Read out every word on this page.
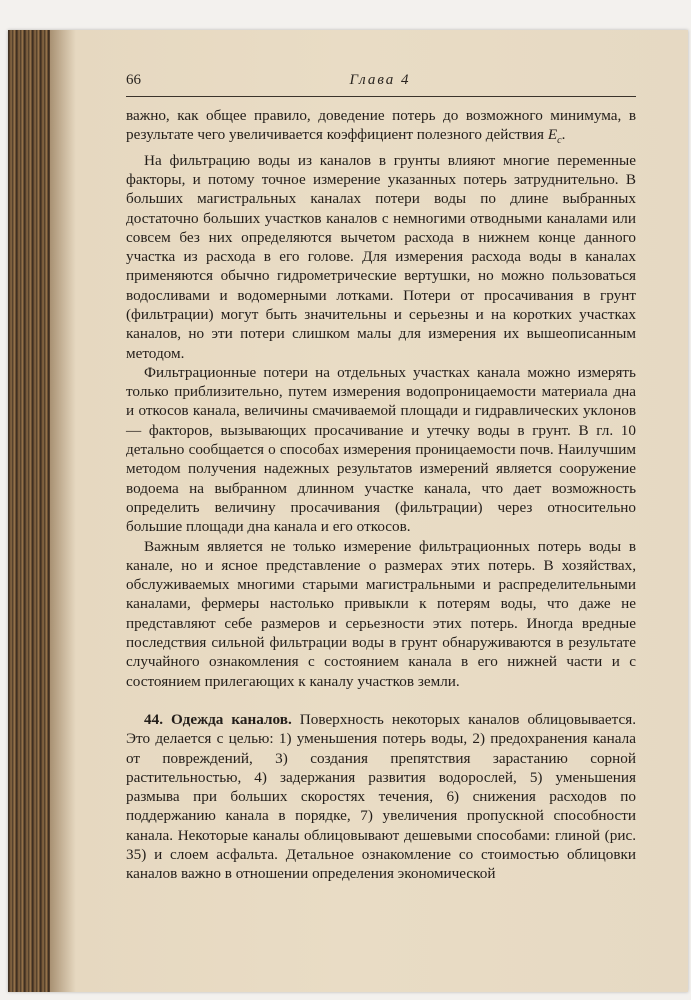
66	Глава 4

важно, как общее правило, доведение потерь до возможного минимума, в результате чего увеличивается коэффициент полезного действия $E_c$.

На фильтрацию воды из каналов в грунты влияют многие переменные факторы, и потому точное измерение указанных потерь затруднительно. В больших магистральных каналах потери воды по длине выбранных достаточно больших участков каналов с немногими отводными каналами или совсем без них определяются вычетом расхода в нижнем конце данного участка из расхода в его голове. Для измерения расхода воды в каналах применяются обычно гидрометрические вертушки, но можно пользоваться водосливами и водомерными лотками. Потери от просачивания в грунт (фильтрации) могут быть значительны и серьезны и на коротких участках каналов, но эти потери слишком малы для измерения их вышеописанным методом.

Фильтрационные потери на отдельных участках канала можно измерять только приблизительно, путем измерения водопроницаемости материала дна и откосов канала, величины смачиваемой площади и гидравлических уклонов — факторов, вызывающих просачивание и утечку воды в грунт. В гл. 10 детально сообщается о способах измерения проницаемости почв. Наилучшим методом получения надежных результатов измерений является сооружение водоема на выбранном длинном участке канала, что дает возможность определить величину просачивания (фильтрации) через относительно большие площади дна канала и его откосов.

Важным является не только измерение фильтрационных потерь воды в канале, но и ясное представление о размерах этих потерь. В хозяйствах, обслуживаемых многими старыми магистральными и распределительными каналами, фермеры настолько привыкли к потерям воды, что даже не представляют себе размеров и серьезности этих потерь. Иногда вредные последствия сильной фильтрации воды в грунт обнаруживаются в результате случайного ознакомления с состоянием канала в его нижней части и с состоянием прилегающих к каналу участков земли.

44. Одежда каналов. Поверхность некоторых каналов облицовывается. Это делается с целью: 1) уменьшения потерь воды, 2) предохранения канала от повреждений, 3) создания препятствия зарастанию сорной растительностью, 4) задержания развития водорослей, 5) уменьшения размыва при больших скоростях течения, 6) снижения расходов по поддержанию канала в порядке, 7) увеличения пропускной способности канала. Некоторые каналы облицовывают дешевыми способами: глиной (рис. 35) и слоем асфальта. Детальное ознакомление со стоимостью облицовки каналов важно в отношении определения экономической
